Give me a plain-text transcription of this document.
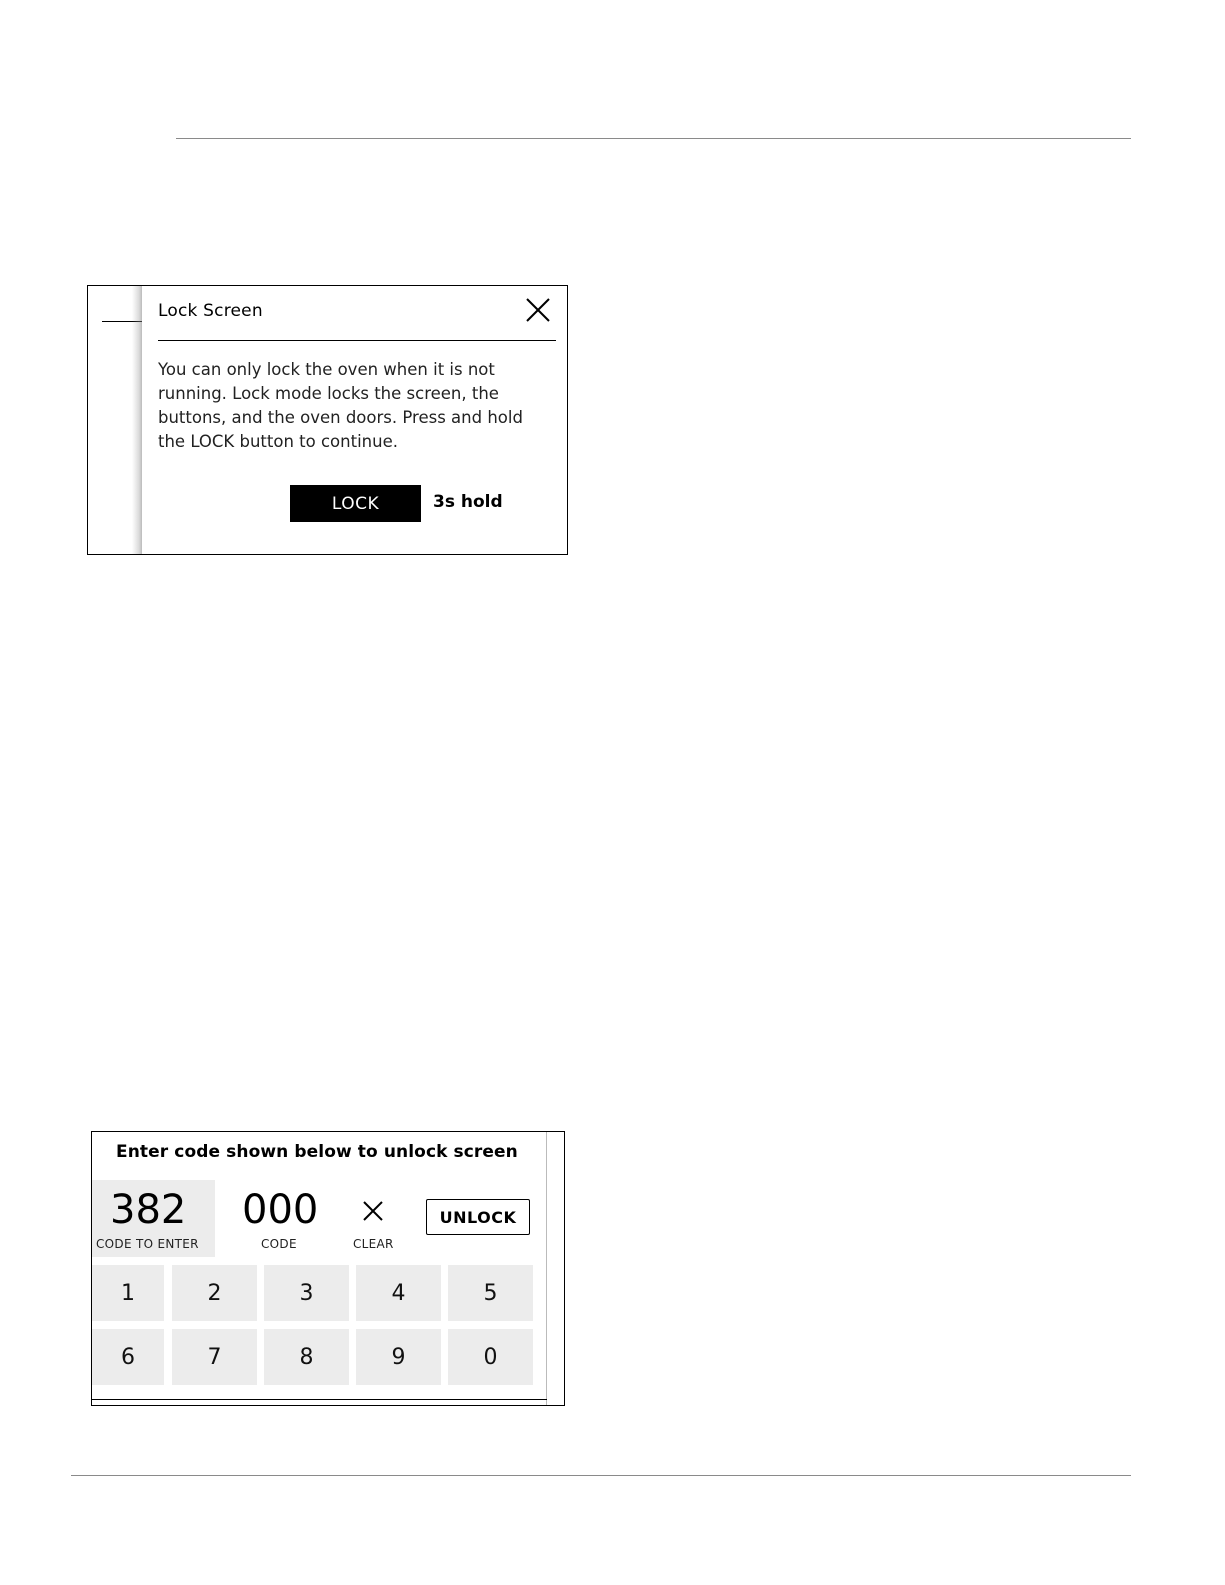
Lock Screen
You can only lock the oven when it is not running. Lock mode locks the screen, the buttons, and the oven doors. Press and hold the LOCK button to continue.
LOCK	3s hold
Enter code shown below to unlock screen
382
CODE TO ENTER
000
CODE	CLEAR
UNLOCK
1	2	3	4	5
6	7	8	9	0
